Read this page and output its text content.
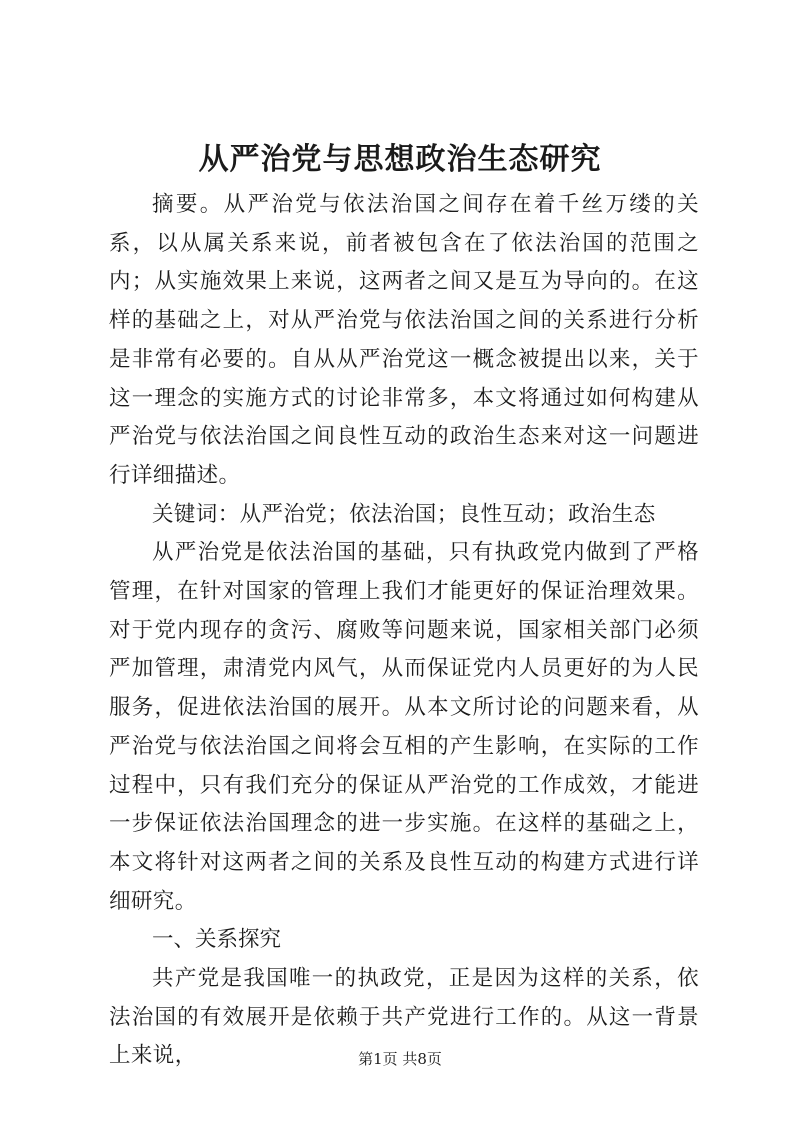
从严治党与思想政治生态研究

摘要。从严治党与依法治国之间存在着千丝万缕的关系，以从属关系来说，前者被包含在了依法治国的范围之内；从实施效果上来说，这两者之间又是互为导向的。在这样的基础之上，对从严治党与依法治国之间的关系进行分析是非常有必要的。自从从严治党这一概念被提出以来，关于这一理念的实施方式的讨论非常多，本文将通过如何构建从严治党与依法治国之间良性互动的政治生态来对这一问题进行详细描述。

关键词：从严治党；依法治国；良性互动；政治生态

从严治党是依法治国的基础，只有执政党内做到了严格管理，在针对国家的管理上我们才能更好的保证治理效果。对于党内现存的贪污、腐败等问题来说，国家相关部门必须严加管理，肃清党内风气，从而保证党内人员更好的为人民服务，促进依法治国的展开。从本文所讨论的问题来看，从严治党与依法治国之间将会互相的产生影响，在实际的工作过程中，只有我们充分的保证从严治党的工作成效，才能进一步保证依法治国理念的进一步实施。在这样的基础之上，本文将针对这两者之间的关系及良性互动的构建方式进行详细研究。

一、关系探究

共产党是我国唯一的执政党，正是因为这样的关系，依法治国的有效展开是依赖于共产党进行工作的。从这一背景上来说，	第1页 共8页
